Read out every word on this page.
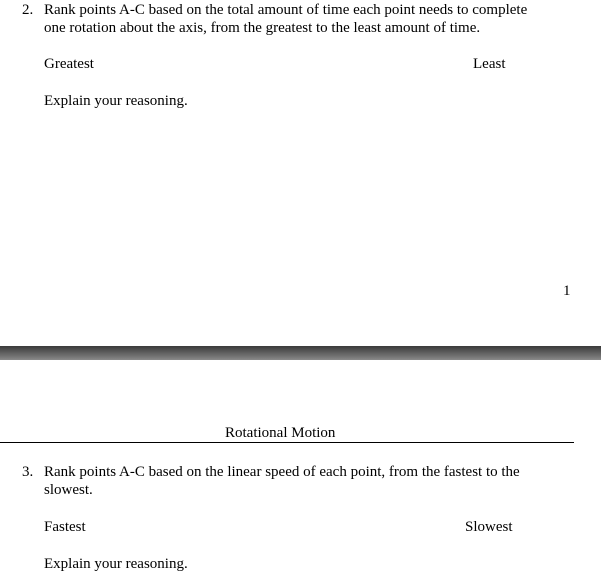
2. Rank points A-C based on the total amount of time each point needs to complete
one rotation about the axis, from the greatest to the least amount of time.
Greatest	Least
Explain your reasoning.
1
Rotational Motion
3. Rank points A-C based on the linear speed of each point, from the fastest to the
slowest.
Fastest	Slowest
Explain your reasoning.
